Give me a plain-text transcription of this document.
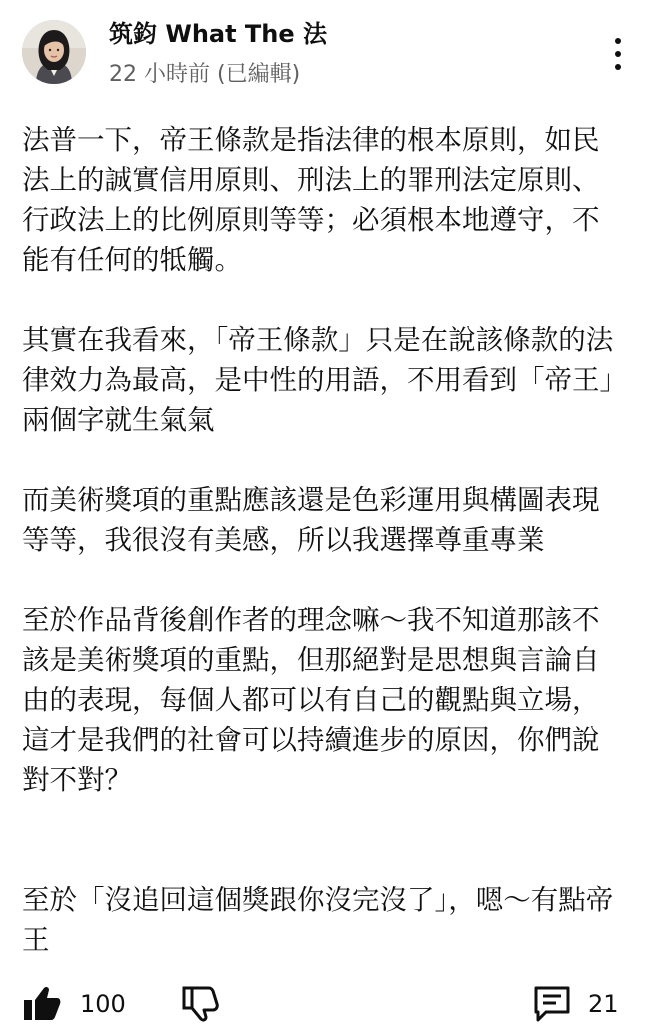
筑鈞 What The 法
22 小時前 (已編輯)

法普一下，帝王條款是指法律的根本原則，如民法上的誠實信用原則、刑法上的罪刑法定原則、行政法上的比例原則等等；必須根本地遵守，不能有任何的牴觸。

其實在我看來，「帝王條款」只是在說該條款的法律效力為最高，是中性的用語，不用看到「帝王」兩個字就生氣氣

而美術獎項的重點應該還是色彩運用與構圖表現等等，我很沒有美感，所以我選擇尊重專業

至於作品背後創作者的理念嘛～我不知道那該不該是美術獎項的重點，但那絕對是思想與言論自由的表現，每個人都可以有自己的觀點與立場，這才是我們的社會可以持續進步的原因，你們說對不對？

至於「沒追回這個獎跟你沒完沒了」，嗯～有點帝王

100	21
